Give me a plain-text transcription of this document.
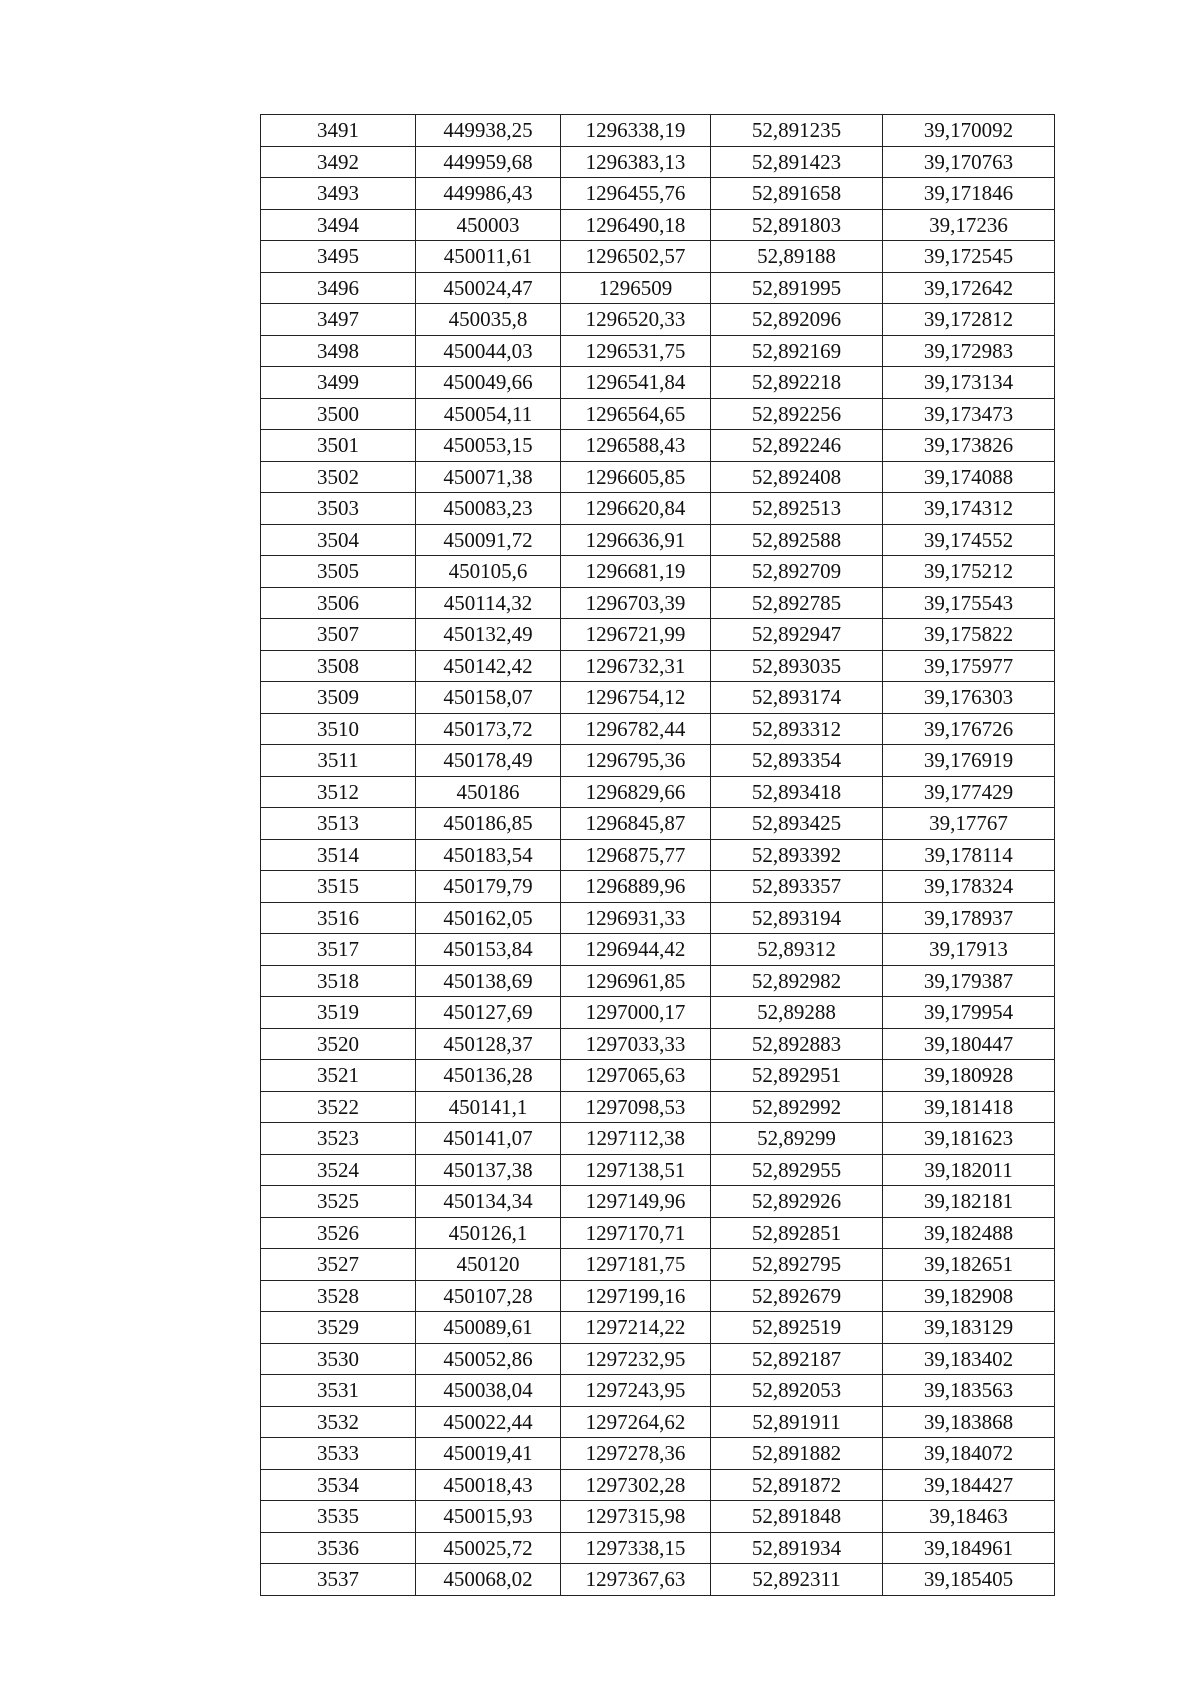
3491	449938,25	1296338,19	52,891235	39,170092
3492	449959,68	1296383,13	52,891423	39,170763
3493	449986,43	1296455,76	52,891658	39,171846
3494	450003	1296490,18	52,891803	39,17236
3495	450011,61	1296502,57	52,89188	39,172545
3496	450024,47	1296509	52,891995	39,172642
3497	450035,8	1296520,33	52,892096	39,172812
3498	450044,03	1296531,75	52,892169	39,172983
3499	450049,66	1296541,84	52,892218	39,173134
3500	450054,11	1296564,65	52,892256	39,173473
3501	450053,15	1296588,43	52,892246	39,173826
3502	450071,38	1296605,85	52,892408	39,174088
3503	450083,23	1296620,84	52,892513	39,174312
3504	450091,72	1296636,91	52,892588	39,174552
3505	450105,6	1296681,19	52,892709	39,175212
3506	450114,32	1296703,39	52,892785	39,175543
3507	450132,49	1296721,99	52,892947	39,175822
3508	450142,42	1296732,31	52,893035	39,175977
3509	450158,07	1296754,12	52,893174	39,176303
3510	450173,72	1296782,44	52,893312	39,176726
3511	450178,49	1296795,36	52,893354	39,176919
3512	450186	1296829,66	52,893418	39,177429
3513	450186,85	1296845,87	52,893425	39,17767
3514	450183,54	1296875,77	52,893392	39,178114
3515	450179,79	1296889,96	52,893357	39,178324
3516	450162,05	1296931,33	52,893194	39,178937
3517	450153,84	1296944,42	52,89312	39,17913
3518	450138,69	1296961,85	52,892982	39,179387
3519	450127,69	1297000,17	52,89288	39,179954
3520	450128,37	1297033,33	52,892883	39,180447
3521	450136,28	1297065,63	52,892951	39,180928
3522	450141,1	1297098,53	52,892992	39,181418
3523	450141,07	1297112,38	52,89299	39,181623
3524	450137,38	1297138,51	52,892955	39,182011
3525	450134,34	1297149,96	52,892926	39,182181
3526	450126,1	1297170,71	52,892851	39,182488
3527	450120	1297181,75	52,892795	39,182651
3528	450107,28	1297199,16	52,892679	39,182908
3529	450089,61	1297214,22	52,892519	39,183129
3530	450052,86	1297232,95	52,892187	39,183402
3531	450038,04	1297243,95	52,892053	39,183563
3532	450022,44	1297264,62	52,891911	39,183868
3533	450019,41	1297278,36	52,891882	39,184072
3534	450018,43	1297302,28	52,891872	39,184427
3535	450015,93	1297315,98	52,891848	39,18463
3536	450025,72	1297338,15	52,891934	39,184961
3537	450068,02	1297367,63	52,892311	39,185405
